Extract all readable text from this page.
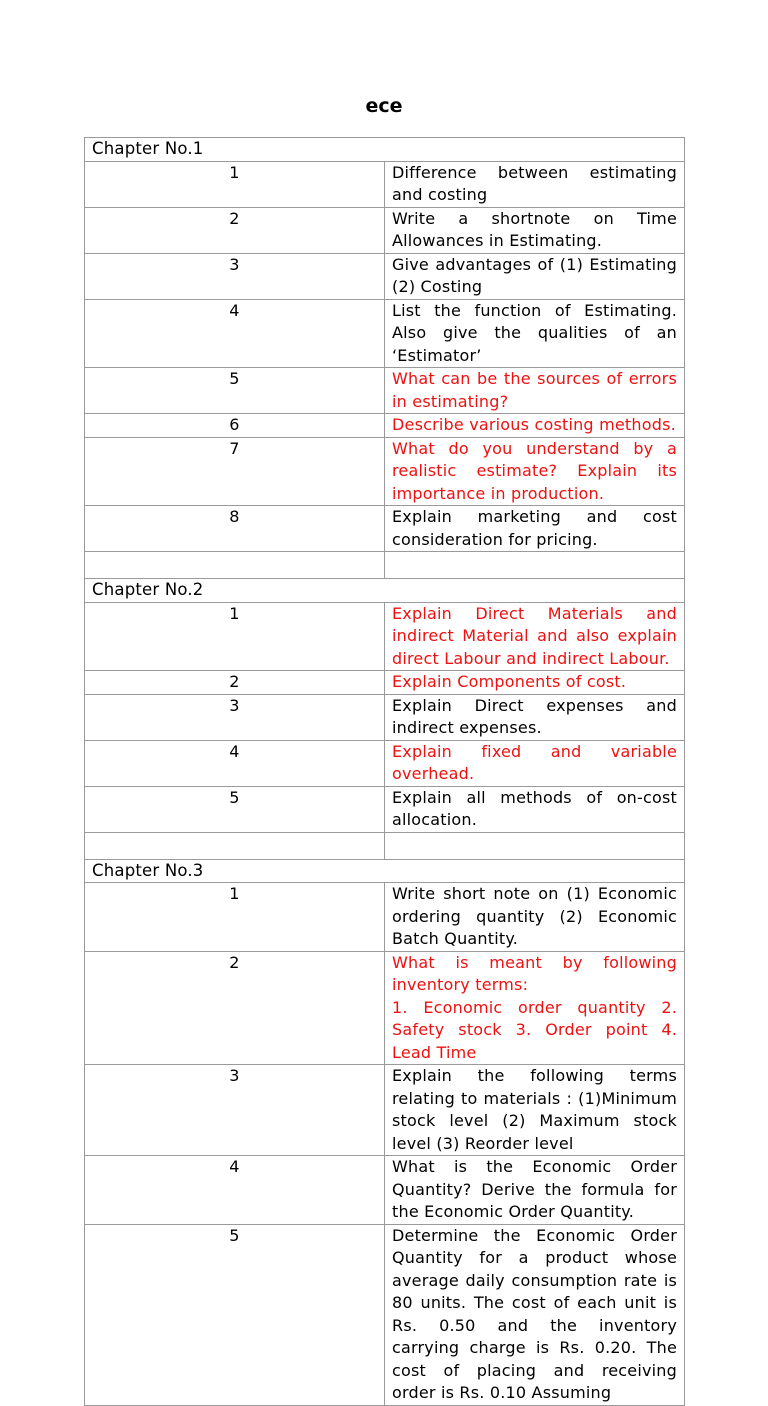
ece
Chapter No.1	
1	Difference between estimating and costing
2	Write a shortnote on Time Allowances in Estimating.
3	Give advantages of (1) Estimating (2) Costing
4	List the function of Estimating. Also give the qualities of an ‘Estimator’
5	What can be the sources of errors in estimating?
6	Describe various costing methods.
7	What do you understand by a realistic estimate? Explain its importance in production.
8	Explain marketing and cost consideration for pricing.

Chapter No.2	
1	Explain Direct Materials and indirect Material and also explain direct Labour and indirect Labour.
2	Explain Components of cost.
3	Explain Direct expenses and indirect expenses.
4	Explain fixed and variable overhead.
5	Explain all methods of on-cost allocation.

Chapter No.3	
1	Write short note on (1) Economic ordering quantity (2) Economic Batch Quantity.
2	What is meant by following inventory terms:
1. Economic order quantity 2. Safety stock 3. Order point 4. Lead Time

3	Explain the following terms relating to materials : (1)Minimum stock level (2) Maximum stock level (3) Reorder level
4	What is the Economic Order Quantity? Derive the formula for the Economic Order Quantity.
5	Determine the Economic Order Quantity for a product whose average daily consumption rate is 80 units. The cost of each unit is Rs. 0.50 and the inventory carrying charge is Rs. 0.20. The cost of placing and receiving order is Rs. 0.10 Assuming
